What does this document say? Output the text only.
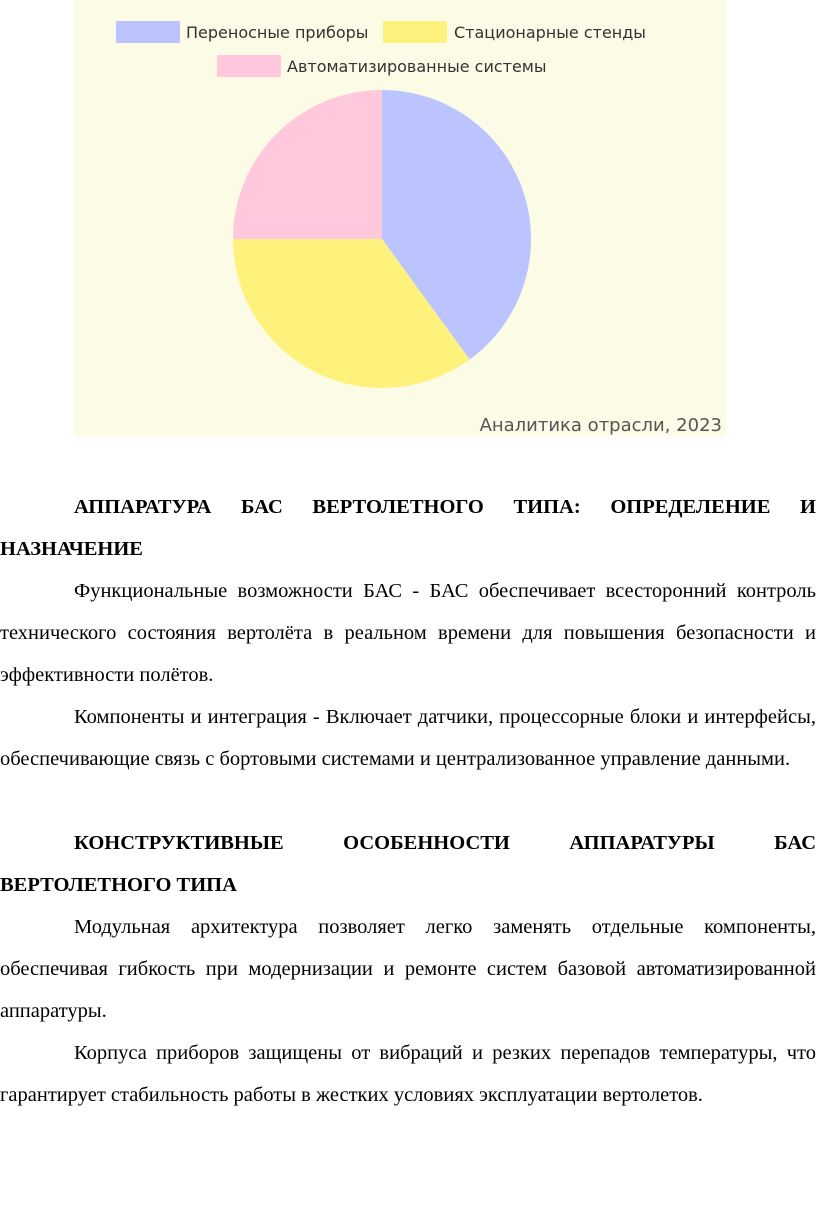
Переносные приборы	Стационарные стенды
Автоматизированные системы
Аналитика отрасли, 2023

АППАРАТУРА БАС ВЕРТОЛЕТНОГО ТИПА: ОПРЕДЕЛЕНИЕ И НАЗНАЧЕНИЕ

Функциональные возможности БАС - БАС обеспечивает всесторонний контроль технического состояния вертолёта в реальном времени для повышения безопасности и эффективности полётов.

Компоненты и интеграция - Включает датчики, процессорные блоки и интерфейсы, обеспечивающие связь с бортовыми системами и централизованное управление данными.

КОНСТРУКТИВНЫЕ ОСОБЕННОСТИ АППАРАТУРЫ БАС ВЕРТОЛЕТНОГО ТИПА

Модульная архитектура позволяет легко заменять отдельные компоненты, обеспечивая гибкость при модернизации и ремонте систем базовой автоматизированной аппаратуры.

Корпуса приборов защищены от вибраций и резких перепадов температуры, что гарантирует стабильность работы в жестких условиях эксплуатации вертолетов.
